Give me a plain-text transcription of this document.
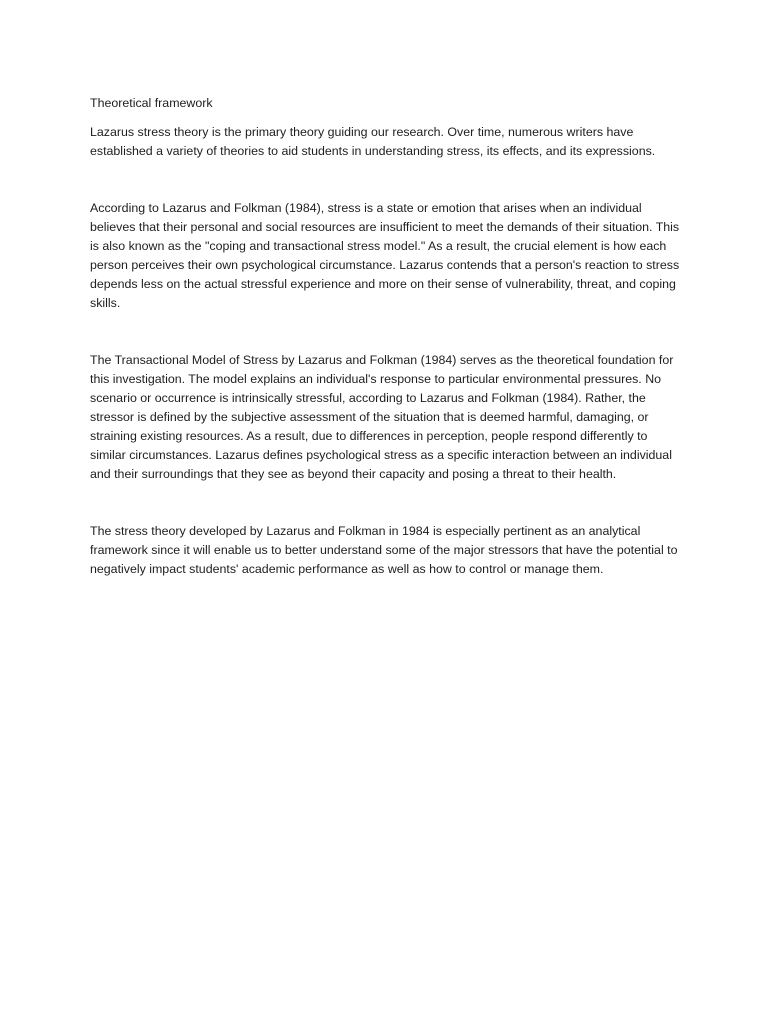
Theoretical framework

Lazarus stress theory is the primary theory guiding our research. Over time, numerous writers have established a variety of theories to aid students in understanding stress, its effects, and its expressions.

According to Lazarus and Folkman (1984), stress is a state or emotion that arises when an individual believes that their personal and social resources are insufficient to meet the demands of their situation. This is also known as the "coping and transactional stress model." As a result, the crucial element is how each person perceives their own psychological circumstance. Lazarus contends that a person's reaction to stress depends less on the actual stressful experience and more on their sense of vulnerability, threat, and coping skills.

The Transactional Model of Stress by Lazarus and Folkman (1984) serves as the theoretical foundation for this investigation. The model explains an individual's response to particular environmental pressures. No scenario or occurrence is intrinsically stressful, according to Lazarus and Folkman (1984). Rather, the stressor is defined by the subjective assessment of the situation that is deemed harmful, damaging, or straining existing resources. As a result, due to differences in perception, people respond differently to similar circumstances. Lazarus defines psychological stress as a specific interaction between an individual and their surroundings that they see as beyond their capacity and posing a threat to their health.

The stress theory developed by Lazarus and Folkman in 1984 is especially pertinent as an analytical framework since it will enable us to better understand some of the major stressors that have the potential to negatively impact students' academic performance as well as how to control or manage them.
